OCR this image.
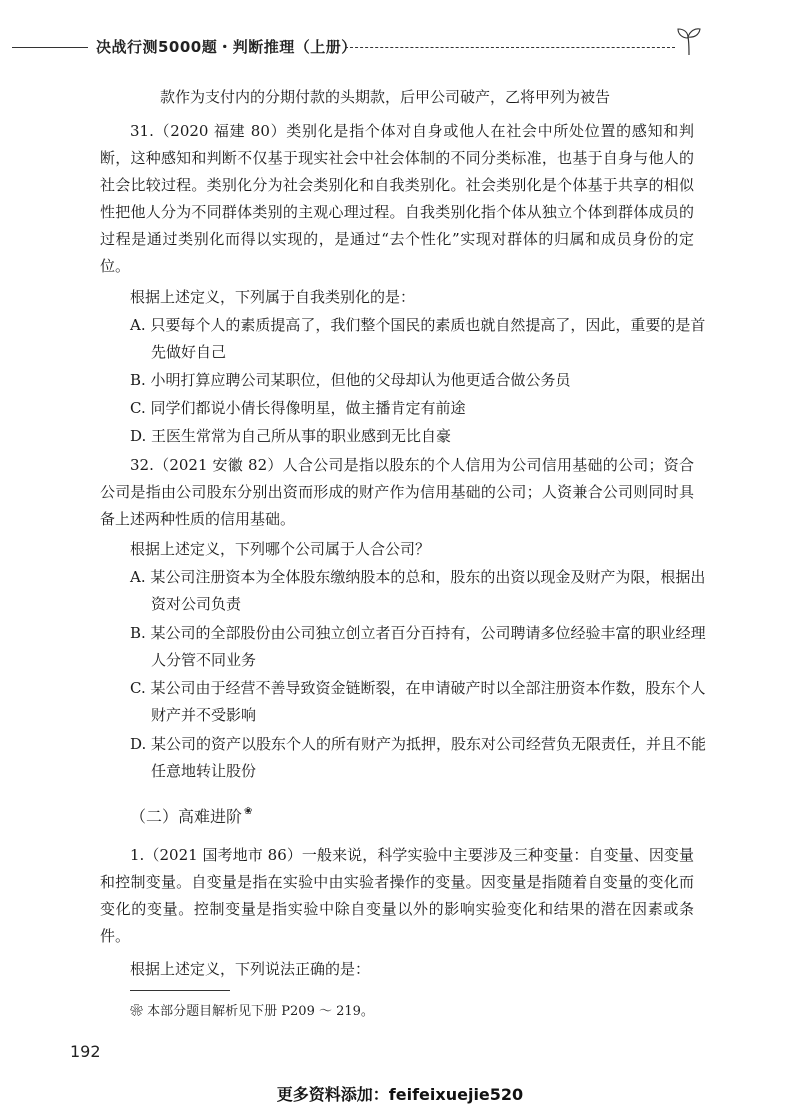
决战行测5000题・判断推理（上册）

款作为支付内的分期付款的头期款，后甲公司破产，乙将甲列为被告

31.（2020 福建 80）类别化是指个体对自身或他人在社会中所处位置的感知和判断，这种感知和判断不仅基于现实社会中社会体制的不同分类标准，也基于自身与他人的社会比较过程。类别化分为社会类别化和自我类别化。社会类别化是个体基于共享的相似性把他人分为不同群体类别的主观心理过程。自我类别化指个体从独立个体到群体成员的过程是通过类别化而得以实现的，是通过“去个性化”实现对群体的归属和成员身份的定位。

根据上述定义，下列属于自我类别化的是：

A. 只要每个人的素质提高了，我们整个国民的素质也就自然提高了，因此，重要的是首先做好自己

B. 小明打算应聘公司某职位，但他的父母却认为他更适合做公务员

C. 同学们都说小倩长得像明星，做主播肯定有前途

D. 王医生常常为自己所从事的职业感到无比自豪

32.（2021 安徽 82）人合公司是指以股东的个人信用为公司信用基础的公司；资合公司是指由公司股东分别出资而形成的财产作为信用基础的公司；人资兼合公司则同时具备上述两种性质的信用基础。

根据上述定义，下列哪个公司属于人合公司？

A. 某公司注册资本为全体股东缴纳股本的总和，股东的出资以现金及财产为限，根据出资对公司负责

B. 某公司的全部股份由公司独立创立者百分百持有，公司聘请多位经验丰富的职业经理人分管不同业务

C. 某公司由于经营不善导致资金链断裂，在申请破产时以全部注册资本作数，股东个人财产并不受影响

D. 某公司的资产以股东个人的所有财产为抵押，股东对公司经营负无限责任，并且不能任意地转让股份

（二）高难进阶 ❀

1.（2021 国考地市 86）一般来说，科学实验中主要涉及三种变量：自变量、因变量和控制变量。自变量是指在实验中由实验者操作的变量。因变量是指随着自变量的变化而变化的变量。控制变量是指实验中除自变量以外的影响实验变化和结果的潜在因素或条件。

根据上述定义，下列说法正确的是：

❀ 本部分题目解析见下册 P209 ～ 219。
192
更多资料添加：feifeixuejie520
